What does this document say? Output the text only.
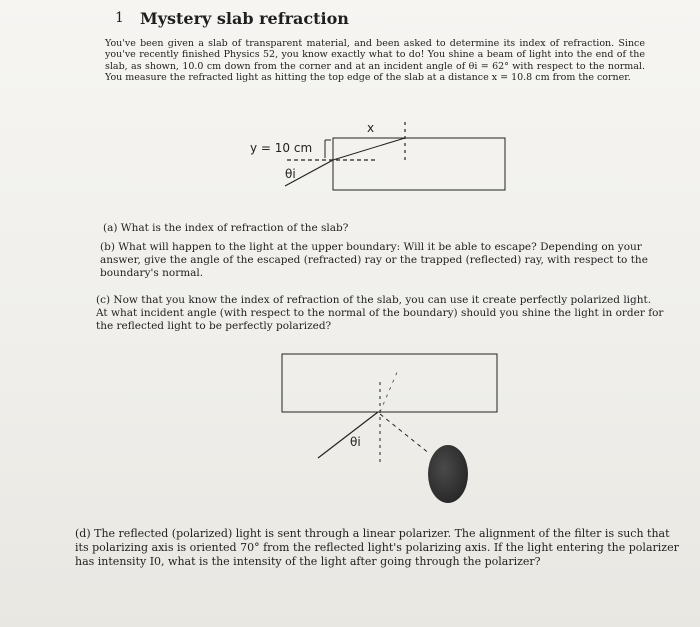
1 Mystery slab refraction
You've been given a slab of transparent material, and been asked to determine its index of refraction. Since you've recently finished Physics 52, you know exactly what to do! You shine a beam of light into the end of the slab, as shown, 10.0 cm down from the corner and at an incident angle of θi = 62° with respect to the normal. You measure the refracted light as hitting the top edge of the slab at a distance x = 10.8 cm from the corner.
x
y = 10 cm
θi
(a) What is the index of refraction of the slab?
(b) What will happen to the light at the upper boundary: Will it be able to escape? Depending on your answer, give the angle of the escaped (refracted) ray or the trapped (reflected) ray, with respect to the boundary's normal.
(c) Now that you know the index of refraction of the slab, you can use it create perfectly polarized light. At what incident angle (with respect to the normal of the boundary) should you shine the light in order for the reflected light to be perfectly polarized?
θi
(d) The reflected (polarized) light is sent through a linear polarizer. The alignment of the filter is such that its polarizing axis is oriented 70° from the reflected light's polarizing axis. If the light entering the polarizer has intensity I0, what is the intensity of the light after going through the polarizer?
